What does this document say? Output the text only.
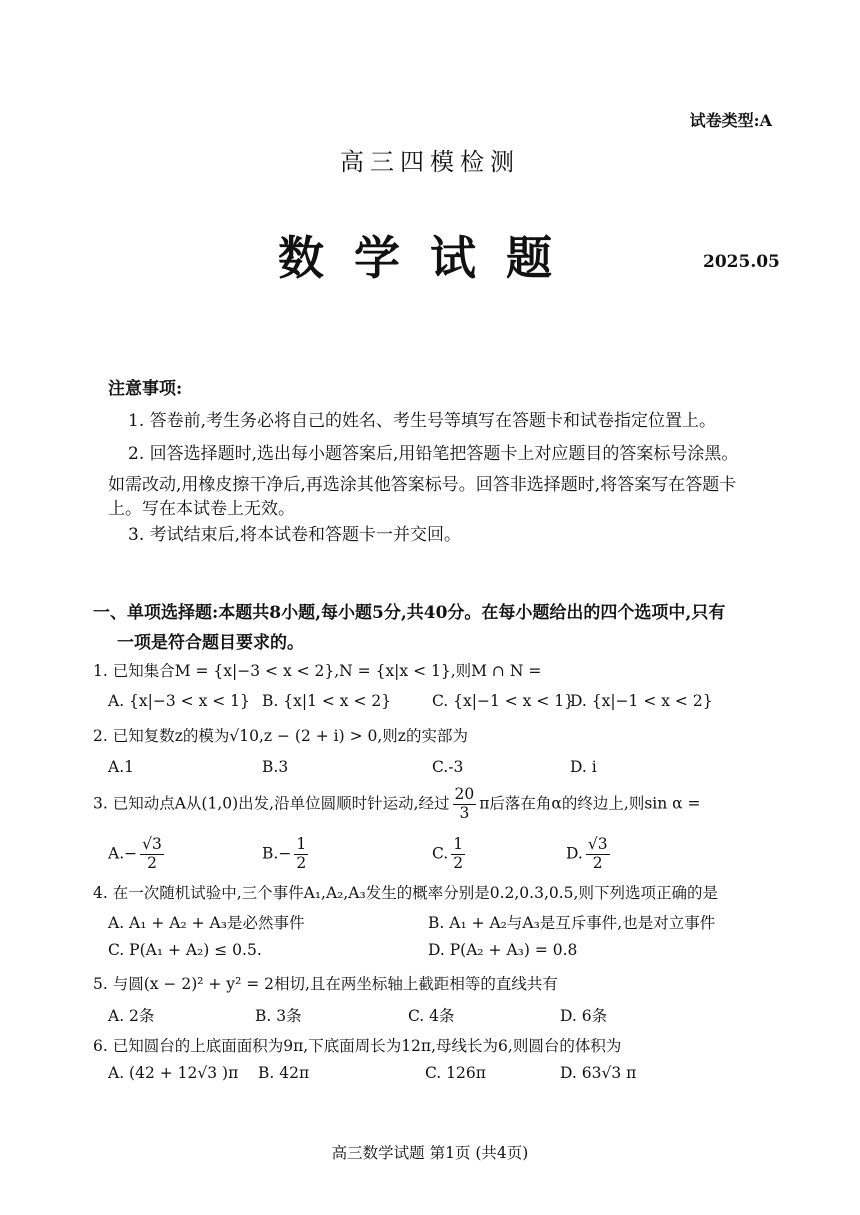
试卷类型:A
高三四模检测
数学试题	2025.05
注意事项:
1. 答卷前,考生务必将自己的姓名、考生号等填写在答题卡和试卷指定位置上。
2. 回答选择题时,选出每小题答案后,用铅笔把答题卡上对应题目的答案标号涂黑。
如需改动,用橡皮擦干净后,再选涂其他答案标号。回答非选择题时,将答案写在答题卡
上。写在本试卷上无效。
3. 考试结束后,将本试卷和答题卡一并交回。
一、单项选择题:本题共8小题,每小题5分,共40分。在每小题给出的四个选项中,只有
一项是符合题目要求的。
1. 已知集合M = {x|−3 < x < 2},N = {x|x < 1},则M ∩ N =
A. {x|−3 < x < 1} B. {x|1 < x < 2}	C. {x|−1 < x < 1}
D. {x|−1 < x < 2}
2. 已知复数z的模为√10,z − (2 + i) > 0,则z的实部为
A.1	B.3	C.-3	D. i
3. 已知动点A从(1,0)出发,沿单位圆顺时针运动,经过 $\frac{20}{3}$ π后落在角α的终边上,则sin α =
$A.- \frac{√3}{2}$	$B.- \frac{1}{2}$	C. $\frac{1}{2}$	D. $\frac{√3}{2}$
4. 在一次随机试验中,三个事件A₁,A₂,A₃发生的概率分别是0.2,0.3,0.5,则下列选项正确的是
A. A₁ + A₂ + A₃是必然事件	B. A₁ + A₂与A₃是互斥事件,也是对立事件
C. P(A₁ + A₂) ≤ 0.5.	D. P(A₂ + A₃) = 0.8
5. 与圆(x − 2)² + y² = 2相切,且在两坐标轴上截距相等的直线共有
A. 2条	B. 3条	C. 4条	D. 6条
6. 已知圆台的上底面面积为9π,下底面周长为12π,母线长为6,则圆台的体积为
A. (42 + 12√3 )π B. 42π	C. 126π	D. 63√3 π
高三数学试题 第1页 (共4页)
